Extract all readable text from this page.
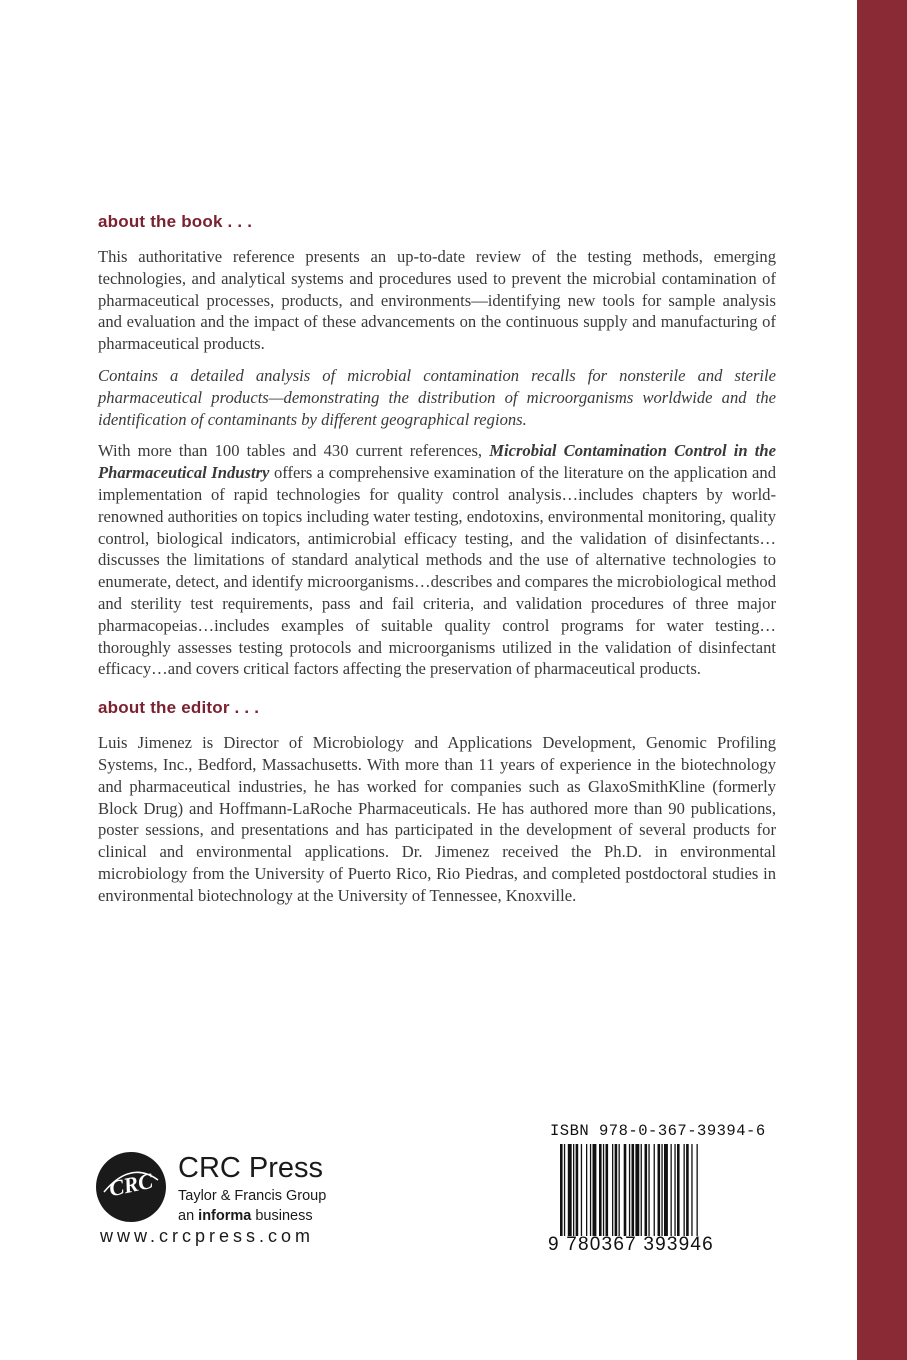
about the book . . .

This authoritative reference presents an up-to-date review of the testing methods, emerging technologies, and analytical systems and procedures used to prevent the microbial contamination of pharmaceutical processes, products, and environments—identifying new tools for sample analysis and evaluation and the impact of these advancements on the continuous supply and manufacturing of pharmaceutical products.

Contains a detailed analysis of microbial contamination recalls for nonsterile and sterile pharmaceutical products—demonstrating the distribution of microorganisms worldwide and the identification of contaminants by different geographical regions.

With more than 100 tables and 430 current references, Microbial Contamination Control in the Pharmaceutical Industry offers a comprehensive examination of the literature on the application and implementation of rapid technologies for quality control analysis…includes chapters by world-renowned authorities on topics including water testing, endotoxins, environmental monitoring, quality control, biological indicators, antimicrobial efficacy testing, and the validation of disinfectants…discusses the limitations of standard analytical methods and the use of alternative technologies to enumerate, detect, and identify microorganisms…describes and compares the microbiological method and sterility test requirements, pass and fail criteria, and validation procedures of three major pharmacopeias…includes examples of suitable quality control programs for water testing…thoroughly assesses testing protocols and microorganisms utilized in the validation of disinfectant efficacy…and covers critical factors affecting the preservation of pharmaceutical products.

about the editor . . .

Luis Jimenez is Director of Microbiology and Applications Development, Genomic Profiling Systems, Inc., Bedford, Massachusetts. With more than 11 years of experience in the biotechnology and pharmaceutical industries, he has worked for companies such as GlaxoSmithKline (formerly Block Drug) and Hoffmann-LaRoche Pharmaceuticals. He has authored more than 90 publications, poster sessions, and presentations and has participated in the development of several products for clinical and environmental applications. Dr. Jimenez received the Ph.D. in environmental microbiology from the University of Puerto Rico, Rio Piedras, and completed postdoctoral studies in environmental biotechnology at the University of Tennessee, Knoxville.

CRC CRC Press
Taylor & Francis Group
an informa business
www.crcpress.com
ISBN 978-0-367-39394-6
9 780367 393946
